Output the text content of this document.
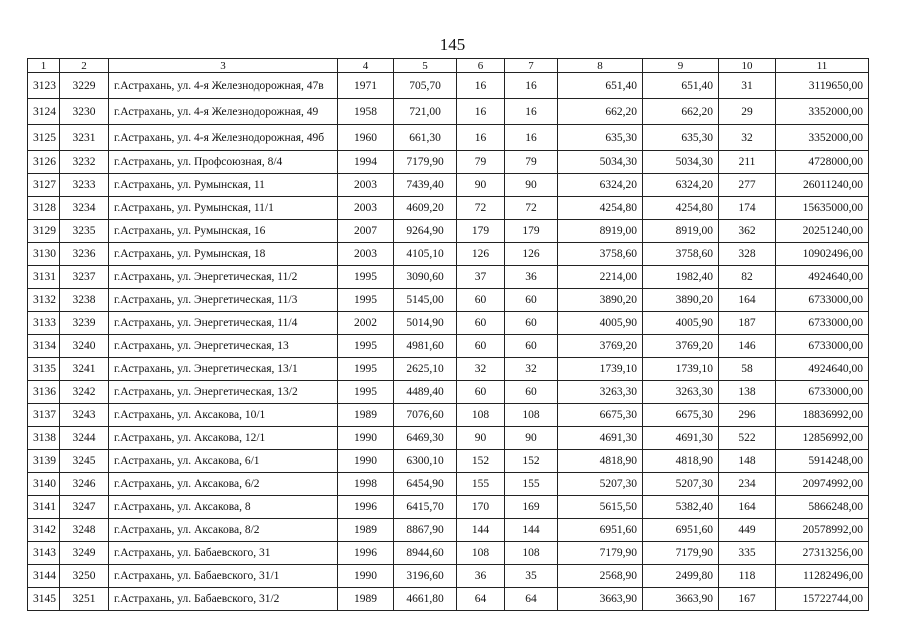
145
1	2	3	4	5	6	7	8	9	10	11
3123	3229	г.Астрахань, ул. 4-я Железнодорожная, 47в	1971	705,70	16	16	651,40	651,40	31	3119650,00
3124	3230	г.Астрахань, ул. 4-я Железнодорожная, 49	1958	721,00	16	16	662,20	662,20	29	3352000,00
3125	3231	г.Астрахань, ул. 4-я Железнодорожная, 49б	1960	661,30	16	16	635,30	635,30	32	3352000,00
3126	3232	г.Астрахань, ул. Профсоюзная, 8/4	1994	7179,90	79	79	5034,30	5034,30	211	4728000,00
3127	3233	г.Астрахань, ул. Румынская, 11	2003	7439,40	90	90	6324,20	6324,20	277	26011240,00
3128	3234	г.Астрахань, ул. Румынская, 11/1	2003	4609,20	72	72	4254,80	4254,80	174	15635000,00
3129	3235	г.Астрахань, ул. Румынская, 16	2007	9264,90	179	179	8919,00	8919,00	362	20251240,00
3130	3236	г.Астрахань, ул. Румынская, 18	2003	4105,10	126	126	3758,60	3758,60	328	10902496,00
3131	3237	г.Астрахань, ул. Энергетическая, 11/2	1995	3090,60	37	36	2214,00	1982,40	82	4924640,00
3132	3238	г.Астрахань, ул. Энергетическая, 11/3	1995	5145,00	60	60	3890,20	3890,20	164	6733000,00
3133	3239	г.Астрахань, ул. Энергетическая, 11/4	2002	5014,90	60	60	4005,90	4005,90	187	6733000,00
3134	3240	г.Астрахань, ул. Энергетическая, 13	1995	4981,60	60	60	3769,20	3769,20	146	6733000,00
3135	3241	г.Астрахань, ул. Энергетическая, 13/1	1995	2625,10	32	32	1739,10	1739,10	58	4924640,00
3136	3242	г.Астрахань, ул. Энергетическая, 13/2	1995	4489,40	60	60	3263,30	3263,30	138	6733000,00
3137	3243	г.Астрахань, ул. Аксакова, 10/1	1989	7076,60	108	108	6675,30	6675,30	296	18836992,00
3138	3244	г.Астрахань, ул. Аксакова, 12/1	1990	6469,30	90	90	4691,30	4691,30	522	12856992,00
3139	3245	г.Астрахань, ул. Аксакова, 6/1	1990	6300,10	152	152	4818,90	4818,90	148	5914248,00
3140	3246	г.Астрахань, ул. Аксакова, 6/2	1998	6454,90	155	155	5207,30	5207,30	234	20974992,00
3141	3247	г.Астрахань, ул. Аксакова, 8	1996	6415,70	170	169	5615,50	5382,40	164	5866248,00
3142	3248	г.Астрахань, ул. Аксакова, 8/2	1989	8867,90	144	144	6951,60	6951,60	449	20578992,00
3143	3249	г.Астрахань, ул. Бабаевского, 31	1996	8944,60	108	108	7179,90	7179,90	335	27313256,00
3144	3250	г.Астрахань, ул. Бабаевского, 31/1	1990	3196,60	36	35	2568,90	2499,80	118	11282496,00
3145	3251	г.Астрахань, ул. Бабаевского, 31/2	1989	4661,80	64	64	3663,90	3663,90	167	15722744,00
